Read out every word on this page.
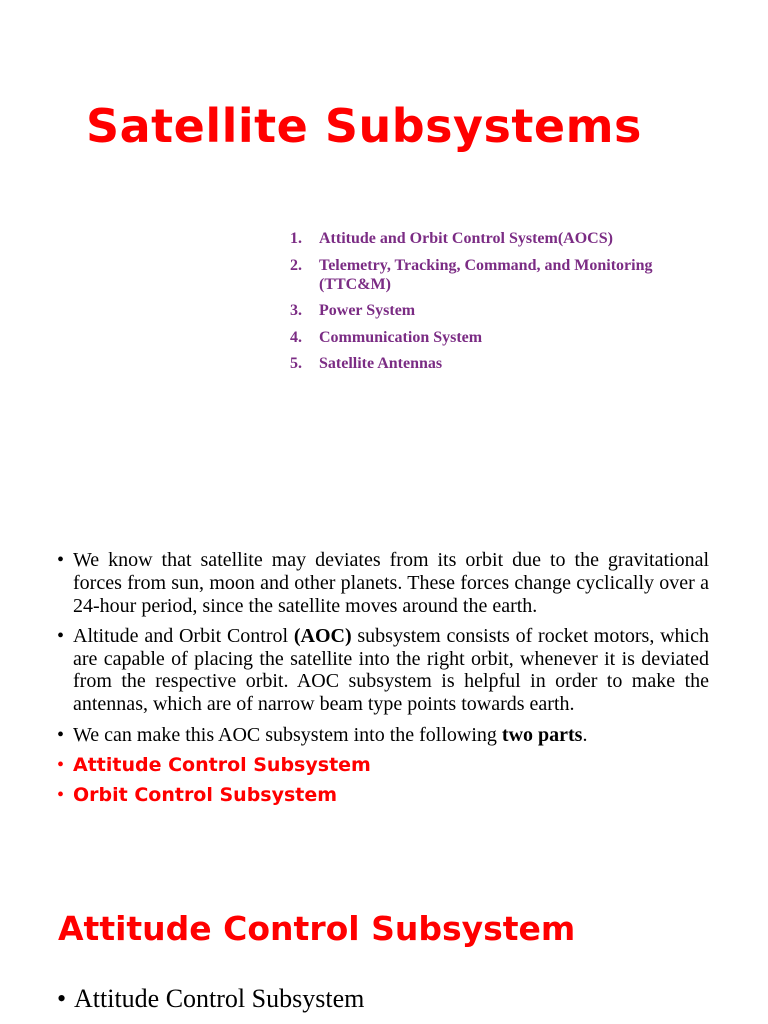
Satellite Subsystems
1.	Attitude and Orbit Control System(AOCS)
2.	Telemetry, Tracking, Command, and Monitoring (TTC&M)
3.	Power System
4.	Communication System
5.	Satellite Antennas
• We know that satellite may deviates from its orbit due to the gravitational forces from sun, moon and other planets. These forces change cyclically over a 24-hour period, since the satellite moves around the earth.
• Altitude and Orbit Control (AOC) subsystem consists of rocket motors, which are capable of placing the satellite into the right orbit, whenever it is deviated from the respective orbit. AOC subsystem is helpful in order to make the antennas, which are of narrow beam type points towards earth.
• We can make this AOC subsystem into the following two parts.
• Attitude Control Subsystem
• Orbit Control Subsystem
Attitude Control Subsystem
• Attitude Control Subsystem
